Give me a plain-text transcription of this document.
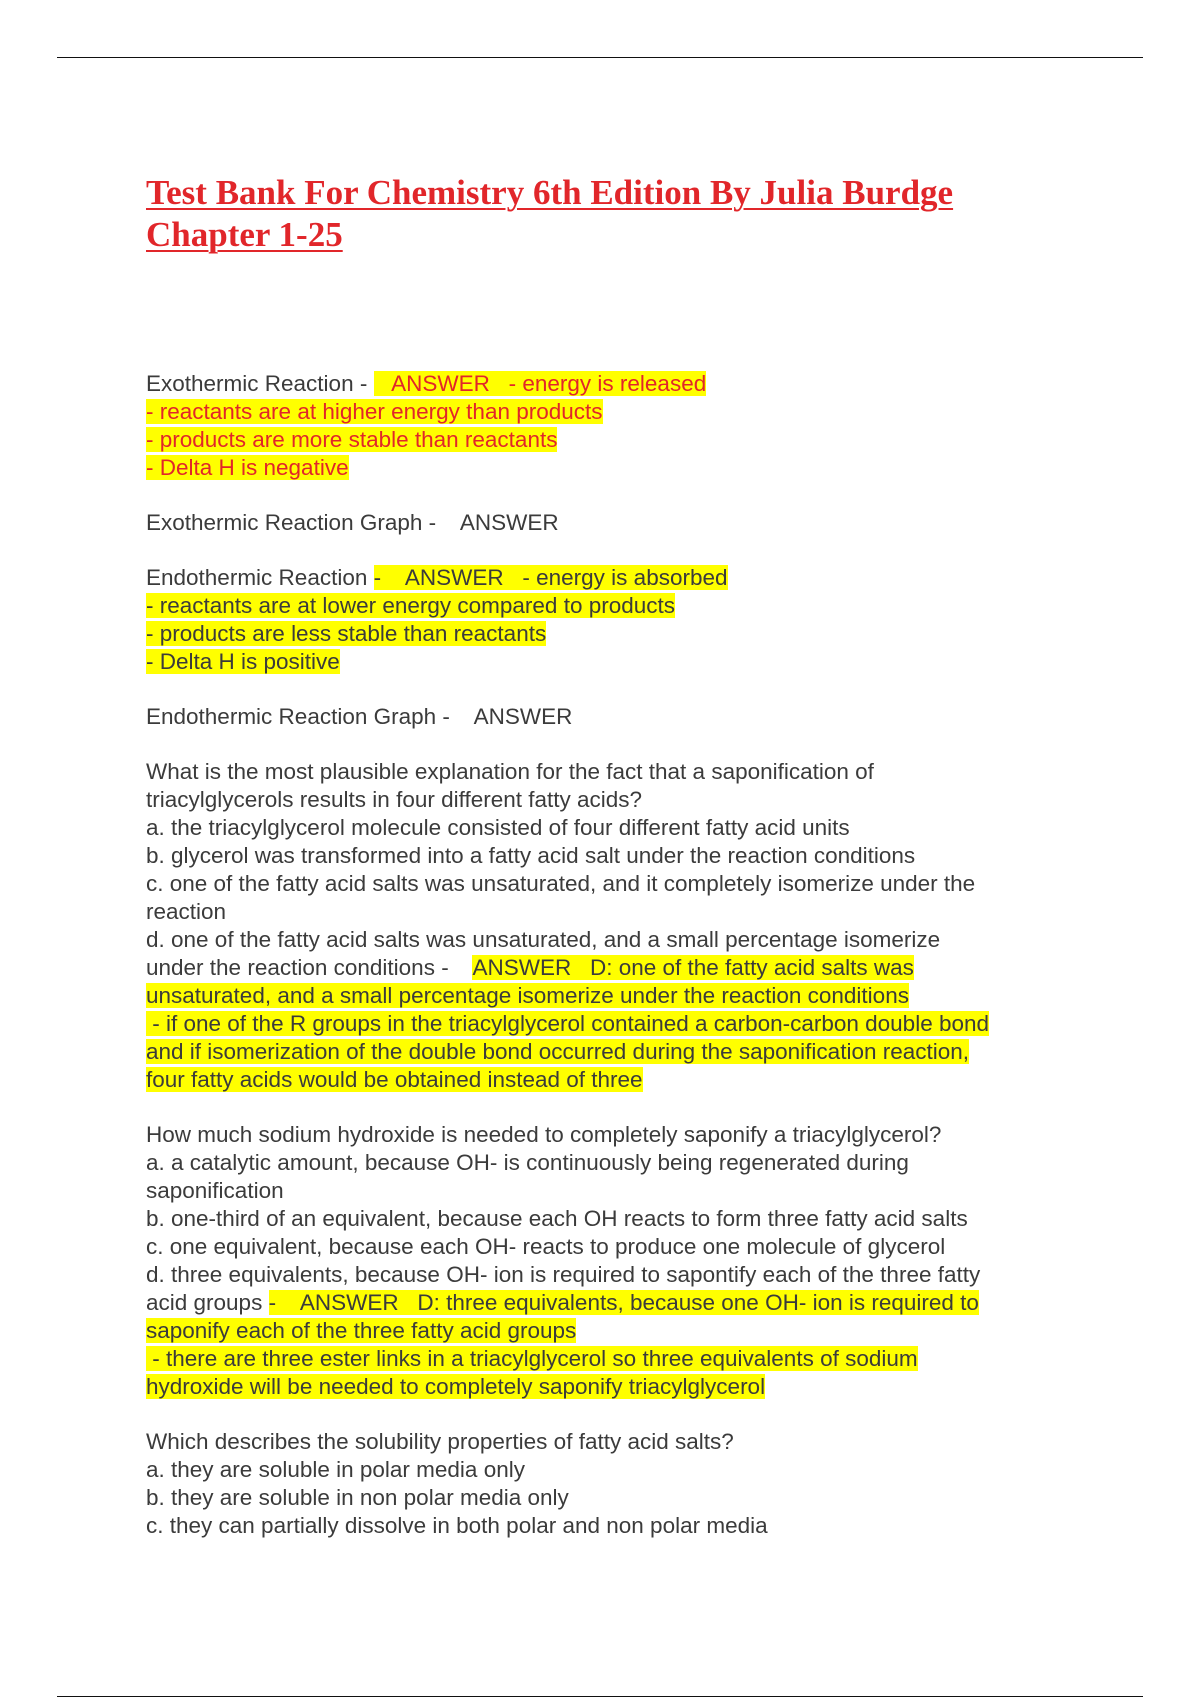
Test Bank For Chemistry 6th Edition By Julia Burdge
Chapter 1-25
Exothermic Reaction -    ANSWER   - energy is released
- reactants are at higher energy than products
- products are more stable than reactants
- Delta H is negative
Exothermic Reaction Graph -    ANSWER
Endothermic Reaction -    ANSWER   - energy is absorbed
- reactants are at lower energy compared to products
- products are less stable than reactants
- Delta H is positive
Endothermic Reaction Graph -    ANSWER
What is the most plausible explanation for the fact that a saponification of
triacylglycerols results in four different fatty acids?
a. the triacylglycerol molecule consisted of four different fatty acid units
b. glycerol was transformed into a fatty acid salt under the reaction conditions
c. one of the fatty acid salts was unsaturated, and it completely isomerize under the
reaction
d. one of the fatty acid salts was unsaturated, and a small percentage isomerize
under the reaction conditions -    ANSWER   D: one of the fatty acid salts was
unsaturated, and a small percentage isomerize under the reaction conditions
- if one of the R groups in the triacylglycerol contained a carbon-carbon double bond
and if isomerization of the double bond occurred during the saponification reaction,
four fatty acids would be obtained instead of three
How much sodium hydroxide is needed to completely saponify a triacylglycerol?
a. a catalytic amount, because OH- is continuously being regenerated during
saponification
b. one-third of an equivalent, because each OH reacts to form three fatty acid salts
c. one equivalent, because each OH- reacts to produce one molecule of glycerol
d. three equivalents, because OH- ion is required to sapontify each of the three fatty
acid groups -    ANSWER   D: three equivalents, because one OH- ion is required to
saponify each of the three fatty acid groups
- there are three ester links in a triacylglycerol so three equivalents of sodium
hydroxide will be needed to completely saponify triacylglycerol
Which describes the solubility properties of fatty acid salts?
a. they are soluble in polar media only
b. they are soluble in non polar media only
c. they can partially dissolve in both polar and non polar media
